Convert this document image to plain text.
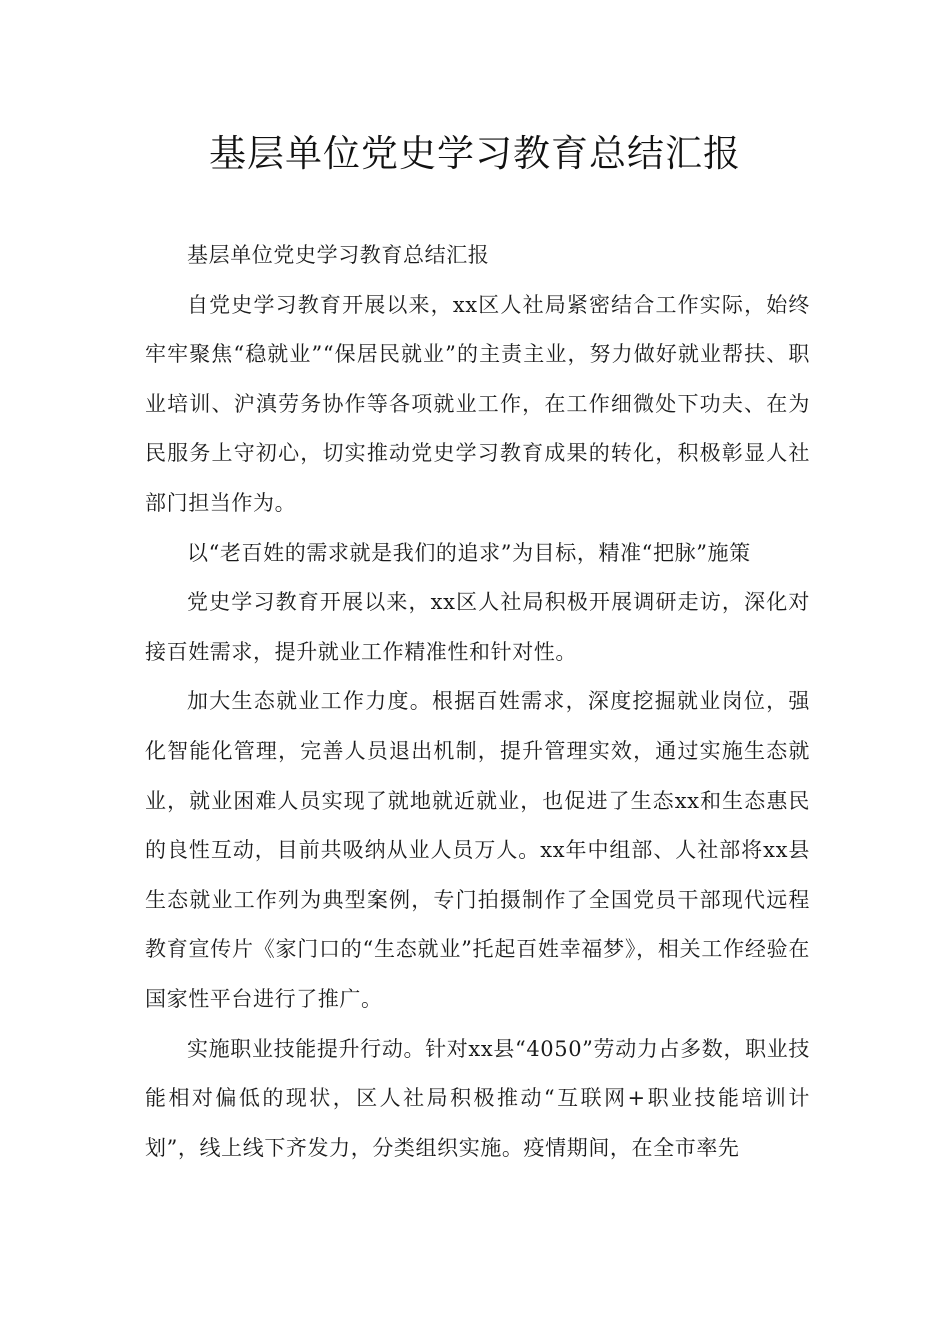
基层单位党史学习教育总结汇报

基层单位党史学习教育总结汇报

自党史学习教育开展以来，xx区人社局紧密结合工作实际，始终牢牢聚焦“稳就业”“保居民就业”的主责主业，努力做好就业帮扶、职业培训、沪滇劳务协作等各项就业工作，在工作细微处下功夫、在为民服务上守初心，切实推动党史学习教育成果的转化，积极彰显人社部门担当作为。

以“老百姓的需求就是我们的追求”为目标，精准“把脉”施策

党史学习教育开展以来，xx区人社局积极开展调研走访，深化对接百姓需求，提升就业工作精准性和针对性。

加大生态就业工作力度。根据百姓需求，深度挖掘就业岗位，强化智能化管理，完善人员退出机制，提升管理实效，通过实施生态就业，就业困难人员实现了就地就近就业，也促进了生态xx和生态惠民的良性互动，目前共吸纳从业人员万人。xx年中组部、人社部将xx县生态就业工作列为典型案例，专门拍摄制作了全国党员干部现代远程教育宣传片《家门口的“生态就业”托起百姓幸福梦》，相关工作经验在国家性平台进行了推广。

实施职业技能提升行动。针对xx县“4050”劳动力占多数，职业技能相对偏低的现状，区人社局积极推动“互联网+职业技能培训计划”，线上线下齐发力，分类组织实施。疫情期间，在全市率先
